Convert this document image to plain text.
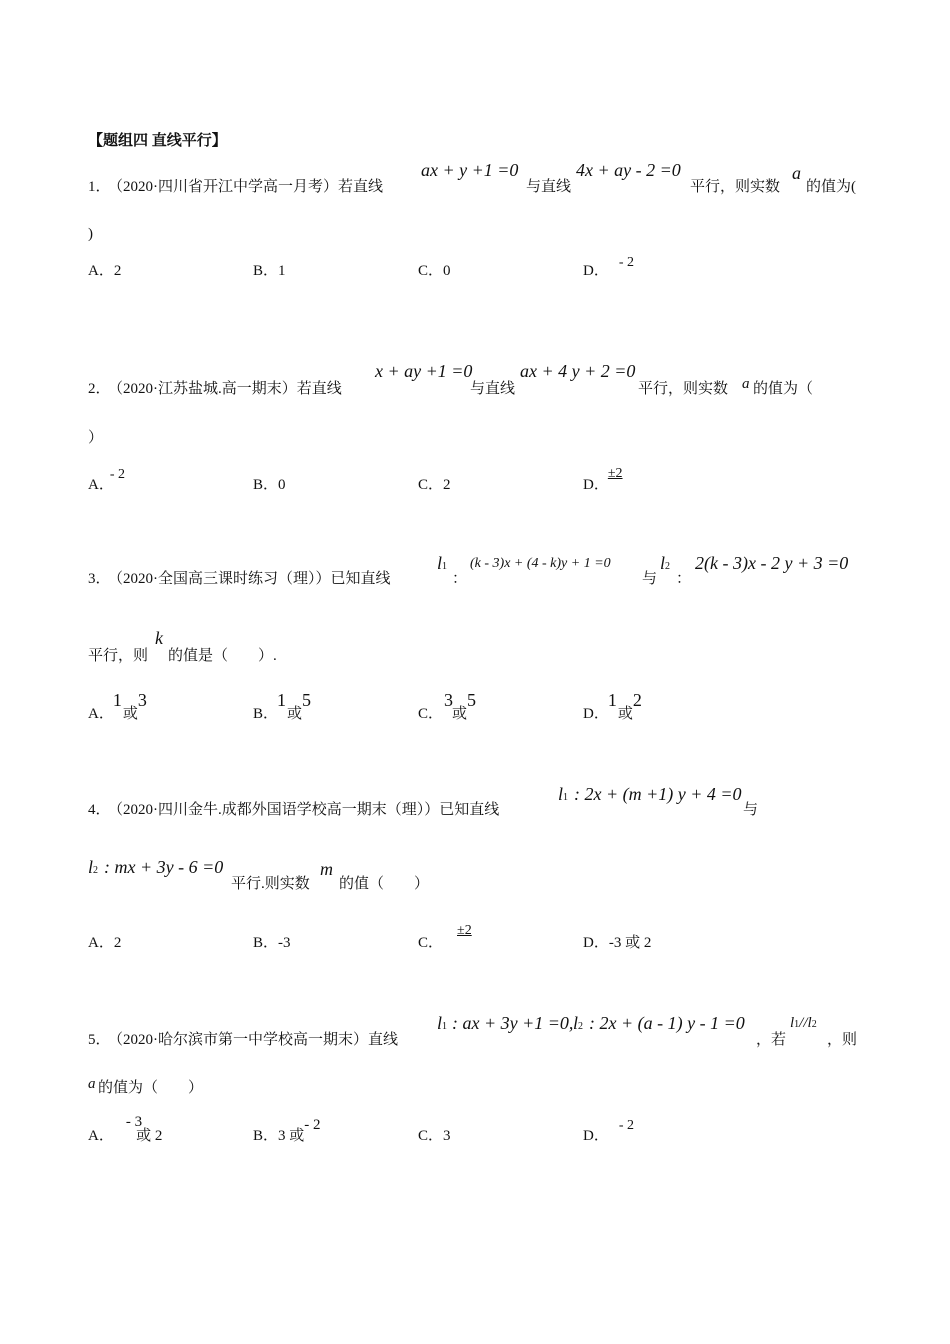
【题组四 直线平行】
1．
（2020·四川省开江中学高一月考）若直线
ax + y +1 =0
与直线
4x + ay - 2 =0
平行，则实数
a
的值为(
)
A．2	B．1	C．0	D．- 2
2．
（2020·江苏盐城.高一期末）若直线
x + ay +1 =0
与直线
ax + 4 y + 2 =0
平行，则实数 a 的值为（
）
A．- 2
B．0	C．2	D．±2
3．
（2020·全国高三课时练习（理））已知直线
l1
：
(k - 3)x + (4 - k)y + 1 =0
与
l2
：
2(k - 3)x - 2 y + 3 =0
平行，则
k
的值是（　　）.
A．1或3
B．1或5
C．3或5
D．1或2
4．
（2020·四川金牛.成都外国语学校高一期末（理））已知直线
l1 : 2x + (m +1) y + 4 =0
与
l2 : mx + 3y - 6 =0
平行.则实数
m
的值（　　）
A．2	B．-3	C．±2
D．-3 或 2
5．
（2020·哈尔滨市第一中学校高一期末）直线
l1 : ax + 3y +1 =0, l2 : 2x + (a - 1) y - 1 =0
，若
l1//l2
，则
a 的值为（　　）
A．- 3或 2	B．3 或- 2
C．3	D．- 2
